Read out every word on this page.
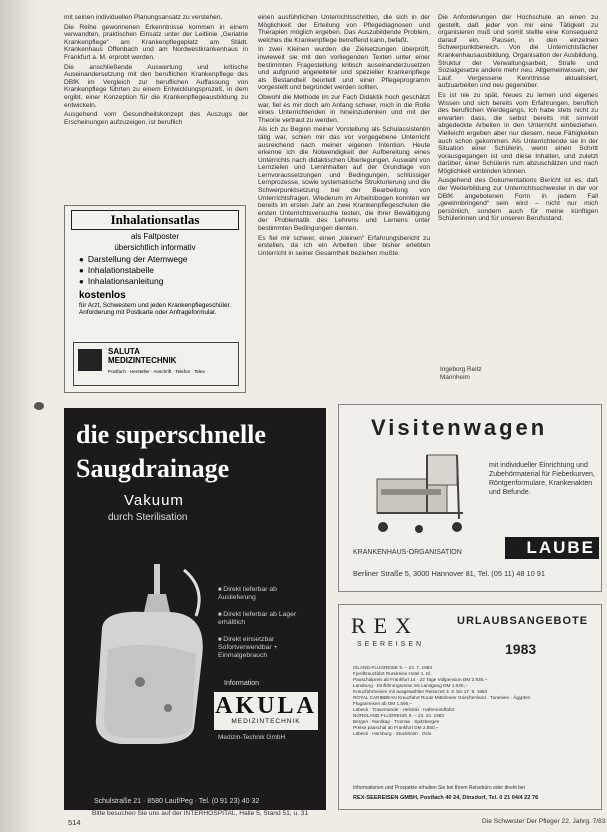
mit seinen individuellen Planungsansatz zu verstehen.

Die Reihe gewonnenen Erkenntnisse kommen in einem verwandten, praktischen Einsatz unter der Leitlinie „Geriatrie Krankenpflege“ am Krankenpflegeplatz am Städt. Krankenhaus Offenbach und am Nordwestkrankenhaus in Frankfurt a. M. erprobt werden.

Die anschließende Auswertung und kritische Auseinandersetzung mit den beruflichen Krankenpflege des DBfK im Vergleich zur beruflichen Auffassung von Krankenpflege führten zu einem Entwicklungsprozeß, in dem ergibt, einer Konzeption für die Krankenpflegeausbildung zu entwickeln.

Ausgehend vom Gesundheitskonzept des Auszugs der Erscheinungen aufzuzeigen, ist beruflich

einen ausführlichen Unterrichtsschritten, die sich in der Möglichkeit der Erteilung von Pflegediagnosen und Therapien möglich ergeben. Das Auszubildende Problem, welches die Krankenpflege betreffend kann, befaßt.

In zwei Kleinen wurden die Zielsetzungen überprüft, inwieweit sie mit den vorliegenden Texten unter einer bestimmten Fragestellung kritisch auseinanderzusetzen und aufgrund angeleiteter und spezieller Krankenpflege als Bestandteil beurteilt und einer Pflegeprogramm vorgestellt und begründet werden sollten.

Obwohl die Methode im zur Fach Didaktik hoch geschätzt war, fiel es mir doch am Anfang schwer, mich in die Rolle eines Unterrichtenden in hineinzudenken und mit der Theorie vertraut zu werden.

Als ich zu Beginn meiner Vorstellung als Schulassistentin tätig war, schien mir das vor vorgegebene Unterricht ausreichend nach meiner eigenen Intention. Heute erkenne ich die Notwendigkeit der Aufbereitung eines Unterrichts nach didaktischen Überlegungen. Auswahl von Lernzielen und Lerninhalten auf der Grundlage von Lernvoraussetzungen und Bedingungen, schlüssiger Lernprozesse, sowie systematische Strukturierung und die Schwerpunktsetzung bei der Bearbeitung von Unterrichtsfragen. Wiederum im Arbeitsbogen konnten wir bereits im ersten Jahr an zwei Krankenpflegeschulen die ersten Unterrichtsversuche testen, die Ihrer Bewältigung der Problematik des Lehrens und Lernens unter bestimmten Bedingungen dienten.

Es fiel mir schwer, einen „kleinen“ Erfahrungsbericht zu erstellen, da ich ein Arbeiten über bisher erlebten Unterricht in seiner Gesamtheit beziehen mußte.

Die Anforderungen der Hochschule an einen zu gestellt, daß jeder von mir eine Tätigkeit zu organisieren muß und somit stellte eine Konsequenz darauf ein, Pausen, in den einzelnen Schwerpunktbereich. Von die Unterrichtsfächer Krankenhausausbildung, Organisation der Ausbildung, Struktur der Verwaltungsarbeit, Strafe und Sozialgesetze andere mehr neu. Allgemeinwissen, der Lauf. Vergessene Kenntnisse aktualisiert, aufzuarbeiten und neu gegenüber.

Es ist nie zu spät, Neues zu lernen und eigenes Wissen und sich bereits vom Erfahrungen, beruflich des beruflichen Werdegangs. Ich habe stets nicht zu erwarten dass, die selbst bereits mit sinnvoll abgedeckte Arbeiten in den Unterricht einbeziehen. Vielleicht ergeben aber nur diesem, neue Fähigkeiten auch schon gekommen. Als Unterrichtende sie in der Situation einer Schülerin, wenn einen Schritt vorausgegangen ist und diese Inhalten, und zuletzt darüber, einer Schülerin rum abzuschätzen und nach Möglichkeit einbinden können.

Ausgehend des Dokumentations Bericht ist es, daß der Weiterbildung zur Unterrichtsschwester in der vor DBfK angebotenen Form in jedem Fall „gewinnbringend“ sein wird – nicht nur mich persönlich, sondern auch für meine künftigen Schülerinnen und für unseren Berufsstand.

Ingeborg Reitz
Mannheim
Inhalationsatlas
als Faltposter
übersichtlich informativ
● Darstellung der Atemwege
● Inhalationstabelle
● Inhalationsanleitung
kostenlos
für Arzt, Schwestern und jeden Krankenpflegeschüler. Anforderung mit Postkarte oder Anfrageformular.
SALUTA
MEDIZINTECHNIK
Postfach · Hersteller · Anschrift · Telefon · Telex
die superschnelle
Saugdrainage
Vakuum
durch Sterilisation
■ Direkt lieferbar ab Auslieferung
■ Direkt lieferbar ab Lager erhältlich
■ Direkt einsetzbar Sofortverwendbar + Einmalgebrauch
Information
AKULA
MEDIZINTECHNIK
Medizin-Technik GmbH
Schulstraße 21 · 8580 Lauf/Peg · Tel. (0 91 23) 40 32
Visitenwagen
mit individueller Einrichtung und Zubehörmaterial für Fieberkurven, Röntgenformulare, Krankenakten und Befunde.
KRANKENHAUS-ORGANISATION	LAUBE
Berliner Straße 5, 3000 Hannover 81, Tel. (05 11) 48 10 91
REX
SEEREISEN
URLAUBSANGEBOTE
1983
ISLAND-FLUGREISE 9. – 23. 7. 1983
Fjordkreuzfahrt Rundreise Hotel 1. Kl.
Pauschalpreis ab Frankfurt 14 · 22 Tage Vollpension DM 2.935,–
Lüneburg · Einführungsreise mit Landgang DM 1.045,–
Kreuzfahrtreisen mit ausgewählter Reisezeit 3. 9. bis 17. 9. 1983
ROYAL CARIBBEAN Kreuzfahrt Route Mittelmeer Griechenland · Tunesien · Ägypten
Fluganreisen ab DM 1.595,–
Lübeck · Travemünde · Helsinki · Hafenrundfahrt
NORDLAND-FLUGREISE 9. – 23. 10. 1983
Bergen · Nordkap · Tromsø · Spitzbergen
Preise pauschal ab Frankfurt DM 2.850,–
Lübeck · Hamburg · Stockholm · Oslo
Informationen und Prospekte erhalten Sie bei Ihrem Reisebüro oder direkt bei
REX-SEEREISEN GMBH, Postfach 40 24, Dinsdorf, Tel. 0 21 04/4 22 76
Bitte besuchen Sie uns auf der INTERHOSPITAL, Halle 5, Stand 51, u. 31
514	Die Schwester Der Pfleger 22. Jahrg. 7/83
